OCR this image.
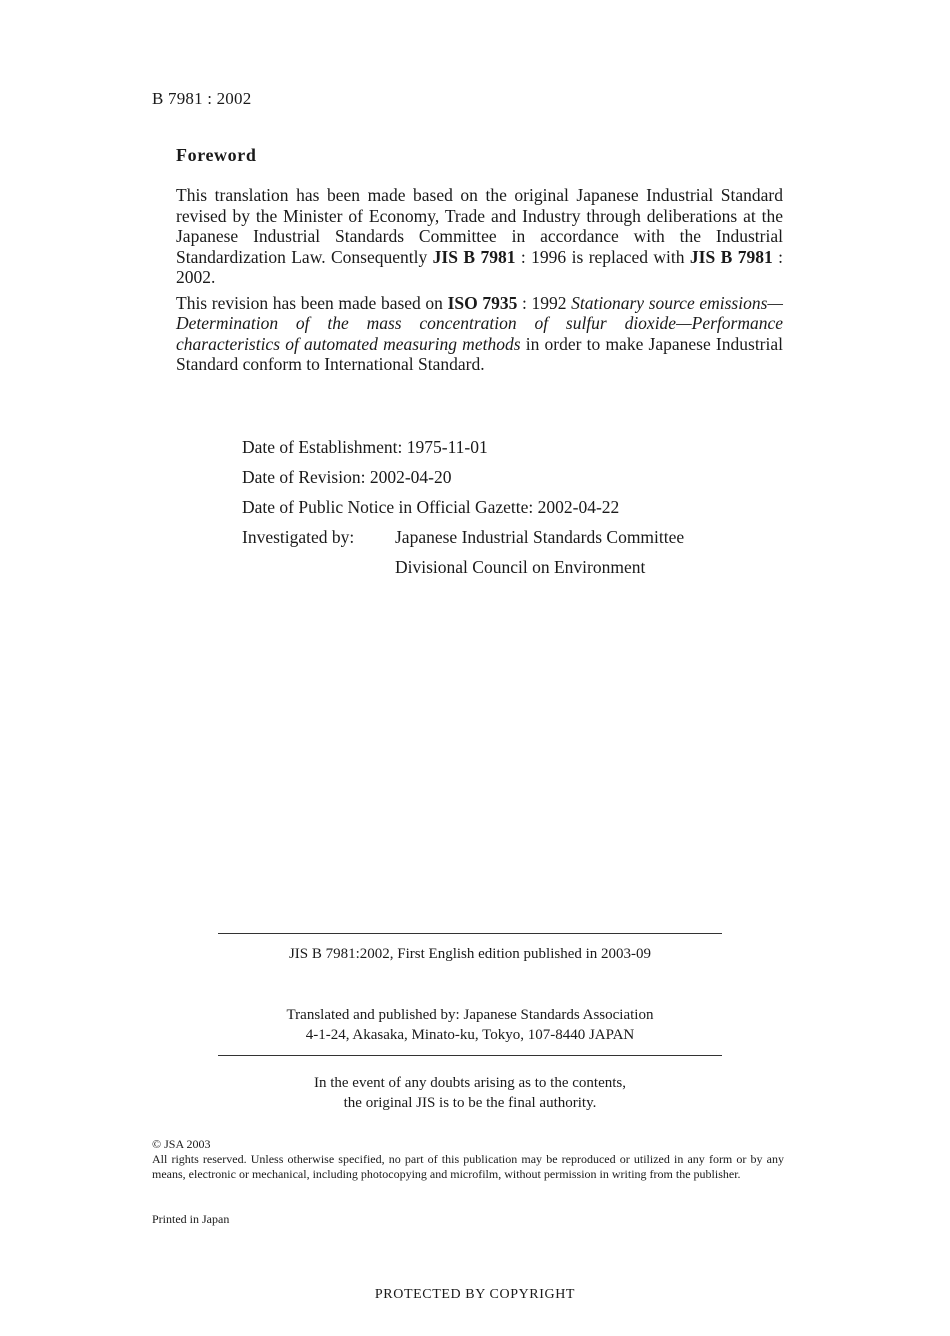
B 7981 : 2002
Foreword

This translation has been made based on the original Japanese Industrial Standard revised by the Minister of Economy, Trade and Industry through deliberations at the Japanese Industrial Standards Committee in accordance with the Industrial Standardization Law. Consequently JIS B 7981 : 1996 is replaced with JIS B 7981 : 2002.

This revision has been made based on ISO 7935 : 1992 Stationary source emissions—Determination of the mass concentration of sulfur dioxide—Performance characteristics of automated measuring methods in order to make Japanese Industrial Standard conform to International Standard.

Date of Establishment: 1975-11-01
Date of Revision: 2002-04-20
Date of Public Notice in Official Gazette: 2002-04-22
Investigated by: Japanese Industrial Standards Committee
Divisional Council on Environment
JIS B 7981:2002, First English edition published in 2003-09
Translated and published by: Japanese Standards Association
4-1-24, Akasaka, Minato-ku, Tokyo, 107-8440 JAPAN
In the event of any doubts arising as to the contents,
the original JIS is to be the final authority.
© JSA 2003
All rights reserved. Unless otherwise specified, no part of this publication may be reproduced or utilized in any form or by any means, electronic or mechanical, including photocopying and microfilm, without permission in writing from the publisher.
Printed in Japan
PROTECTED BY COPYRIGHT
